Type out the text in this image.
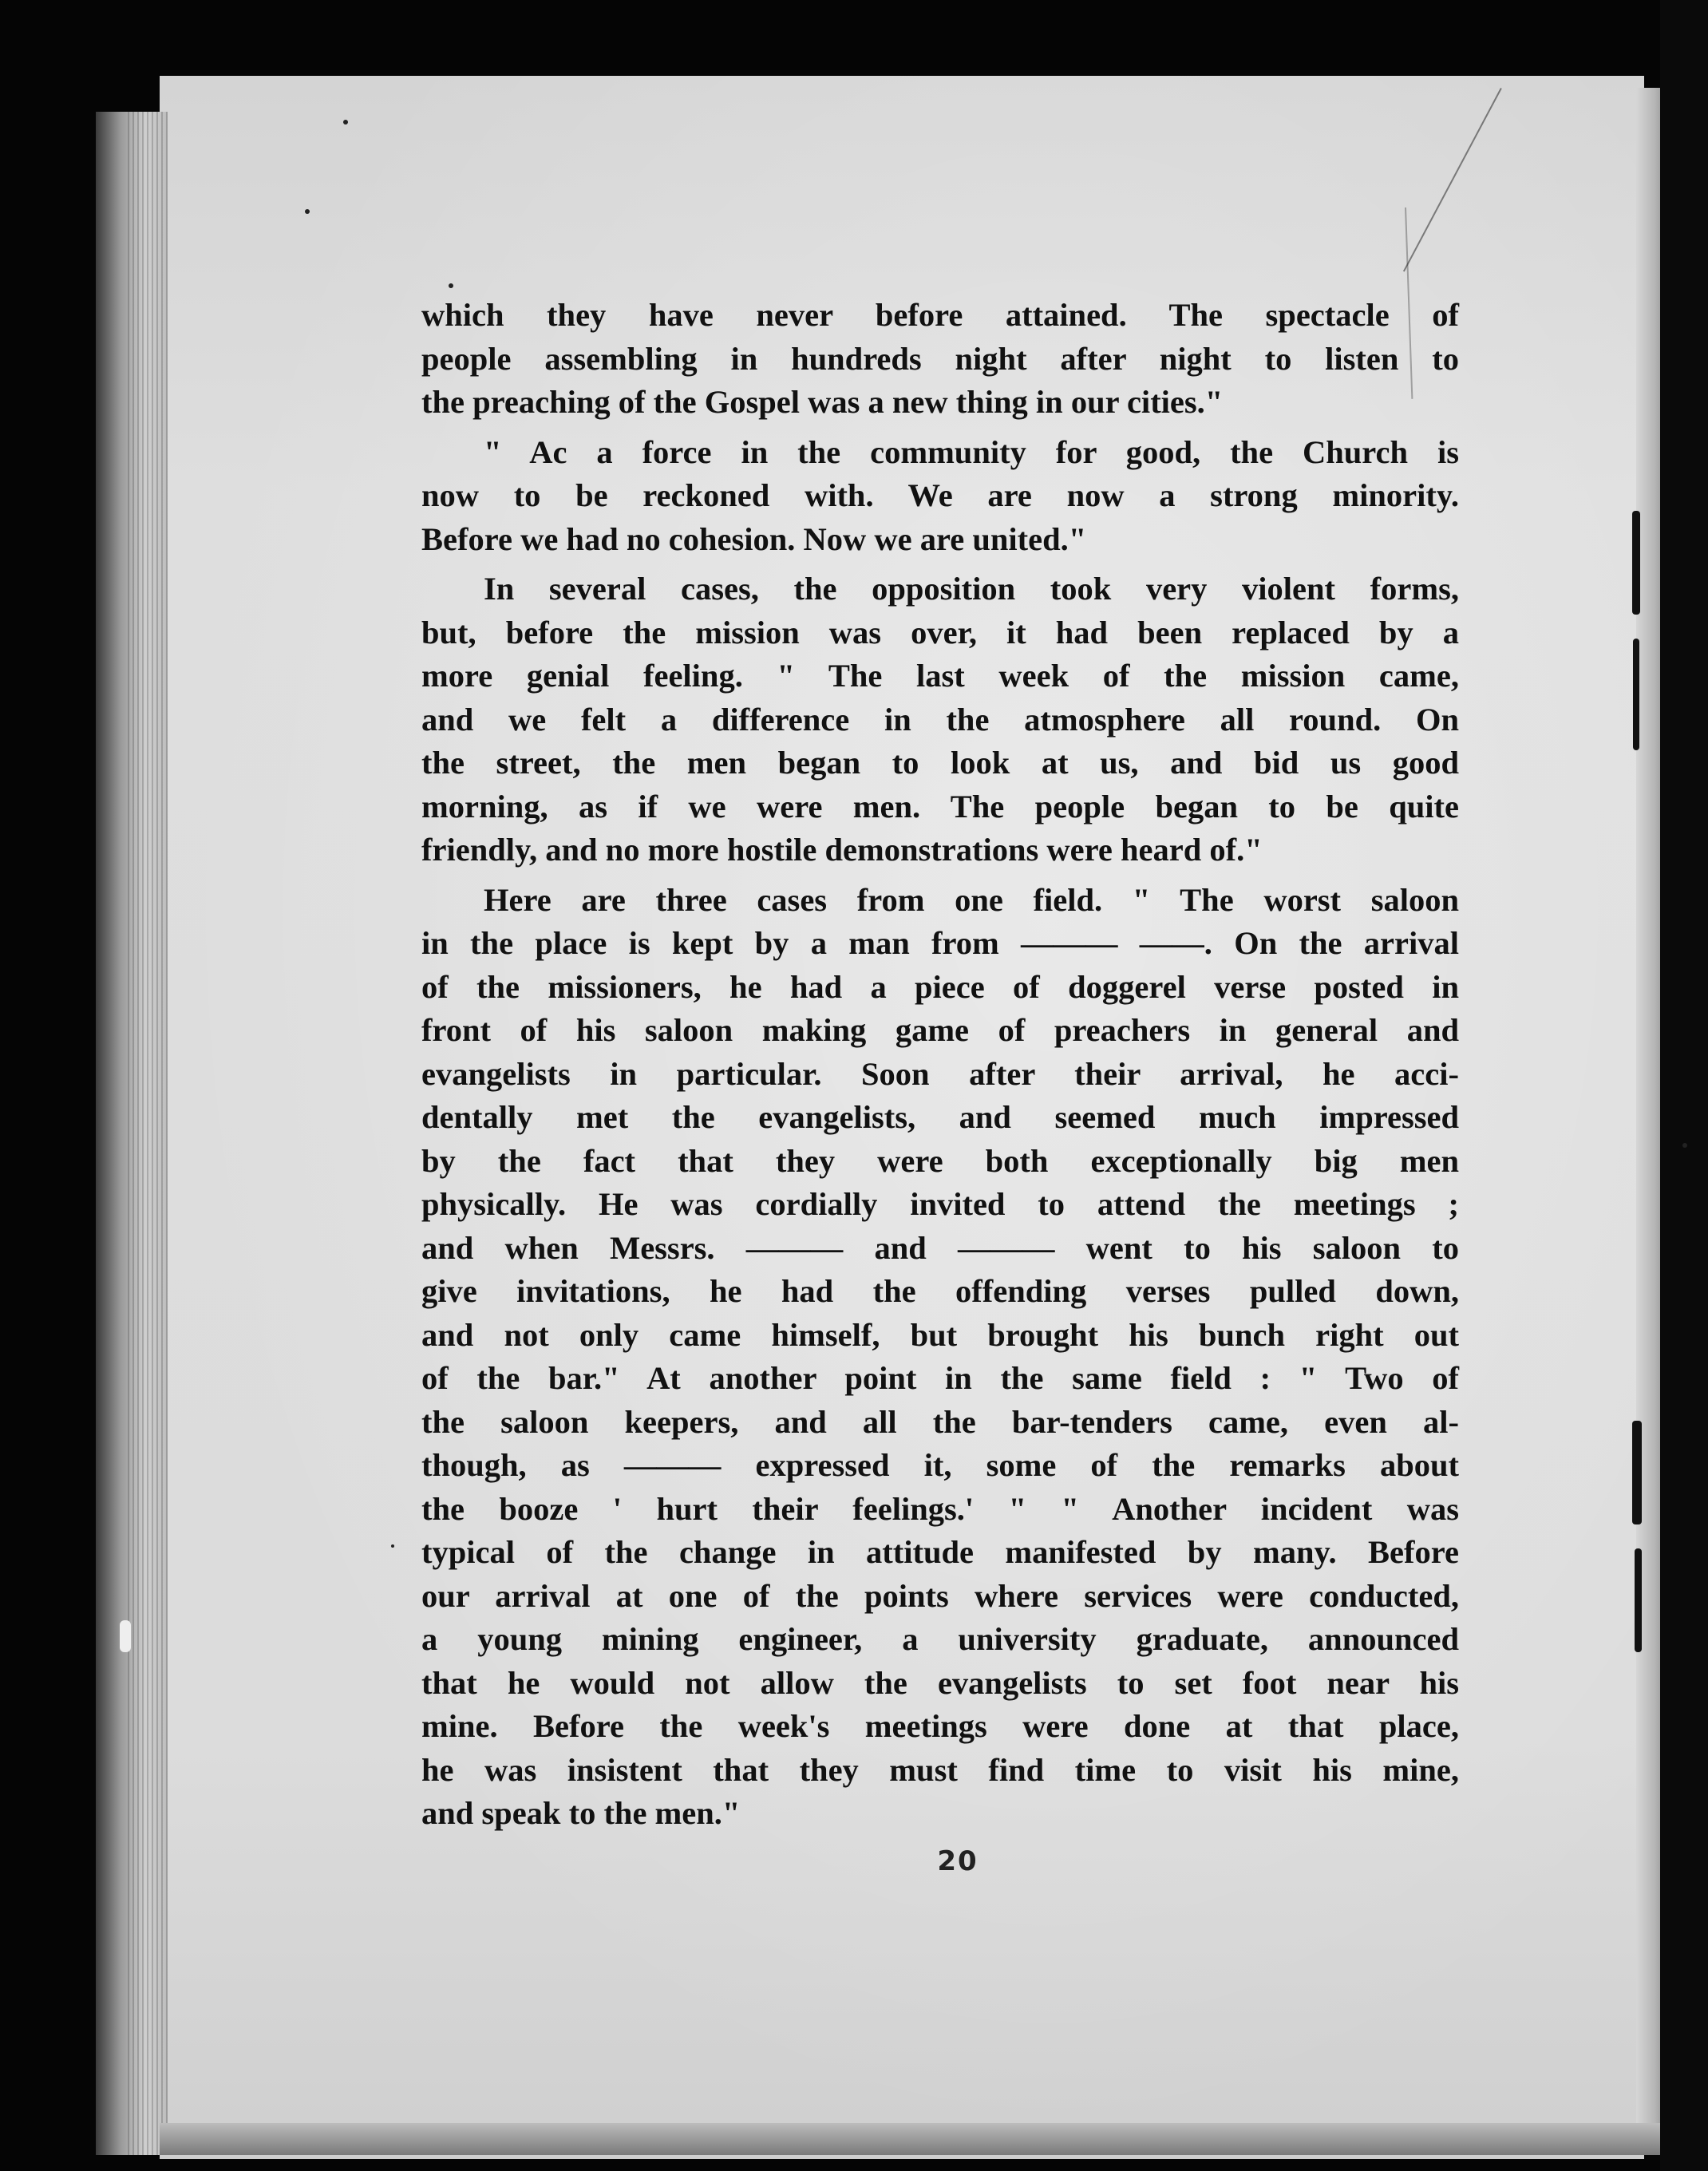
which they have never before attained. The spectacle of
people assembling in hundreds night after night to listen to
the preaching of the Gospel was a new thing in our cities."
" Ac a force in the community for good, the Church is
now to be reckoned with. We are now a strong minority.
Before we had no cohesion. Now we are united."
In several cases, the opposition took very violent forms,
but, before the mission was over, it had been replaced by a
more genial feeling. " The last week of the mission came,
and we felt a difference in the atmosphere all round. On
the street, the men began to look at us, and bid us good
morning, as if we were men. The people began to be quite
friendly, and no more hostile demonstrations were heard of."
Here are three cases from one field. " The worst saloon
in the place is kept by a man from ——— ——. On the arrival
of the missioners, he had a piece of doggerel verse posted in
front of his saloon making game of preachers in general and
evangelists in particular. Soon after their arrival, he acci-
dentally met the evangelists, and seemed much impressed
by the fact that they were both exceptionally big men
physically. He was cordially invited to attend the meetings ;
and when Messrs. ——— and ——— went to his saloon to
give invitations, he had the offending verses pulled down,
and not only came himself, but brought his bunch right out
of the bar." At another point in the same field : " Two of
the saloon keepers, and all the bar-tenders came, even al-
though, as ——— expressed it, some of the remarks about
the booze ' hurt their feelings.' " " Another incident was
typical of the change in attitude manifested by many. Before
our arrival at one of the points where services were conducted,
a young mining engineer, a university graduate, announced
that he would not allow the evangelists to set foot near his
mine. Before the week's meetings were done at that place,
he was insistent that they must find time to visit his mine,
and speak to the men."
20
